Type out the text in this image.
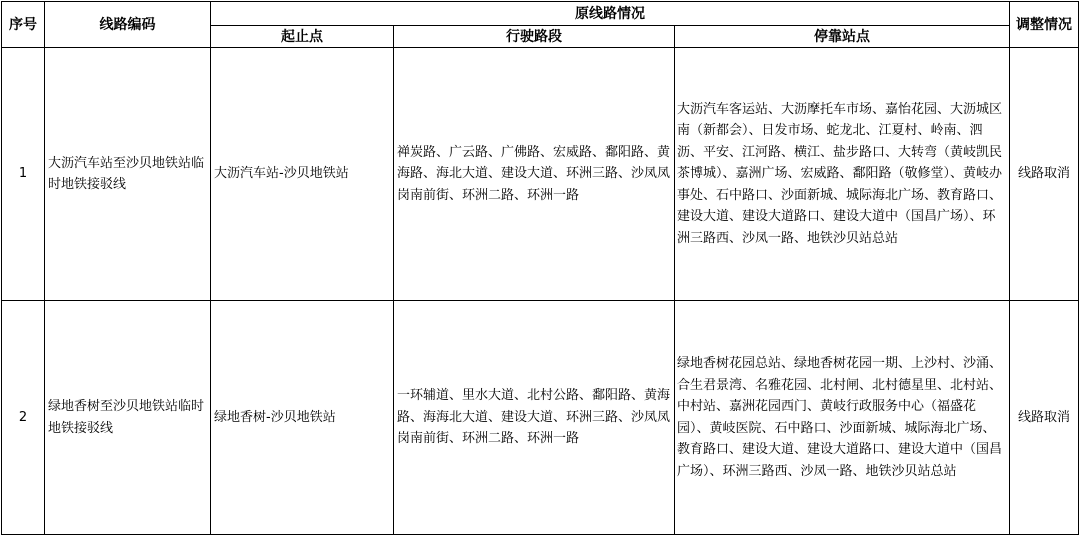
序号	线路编码	原线路情况			调整情况
		起止点	行驶路段	停靠站点	
1	大沥汽车站至沙贝地铁站临时地铁接驳线	大沥汽车站-沙贝地铁站	禅炭路、广云路、广佛路、宏威路、鄱阳路、黄海路、海北大道、建设大道、环洲三路、沙凤凤岗南前街、环洲二路、环洲一路	大沥汽车客运站、大沥摩托车市场、嘉怡花园、大沥城区南（新都会）、日发市场、蛇龙北、江夏村、岭南、泗沥、平安、江河路、横江、盐步路口、大转弯（黄岐凯民茶博城）、嘉洲广场、宏威路、鄱阳路（敬修堂）、黄岐办事处、石中路口、沙面新城、城际海北广场、教育路口、建设大道、建设大道路口、建设大道中（国昌广场）、环洲三路西、沙凤一路、地铁沙贝站总站	线路取消
2	绿地香树至沙贝地铁站临时地铁接驳线	绿地香树-沙贝地铁站	一环辅道、里水大道、北村公路、鄱阳路、黄海路、海海北大道、建设大道、环洲三路、沙凤凤岗南前街、环洲二路、环洲一路	绿地香树花园总站、绿地香树花园一期、上沙村、沙涌、合生君景湾、名雅花园、北村闸、北村德星里、北村站、中村站、嘉洲花园西门、黄岐行政服务中心（福盛花园）、黄岐医院、石中路口、沙面新城、城际海北广场、教育路口、建设大道、建设大道路口、建设大道中（国昌广场）、环洲三路西、沙凤一路、地铁沙贝站总站	线路取消
